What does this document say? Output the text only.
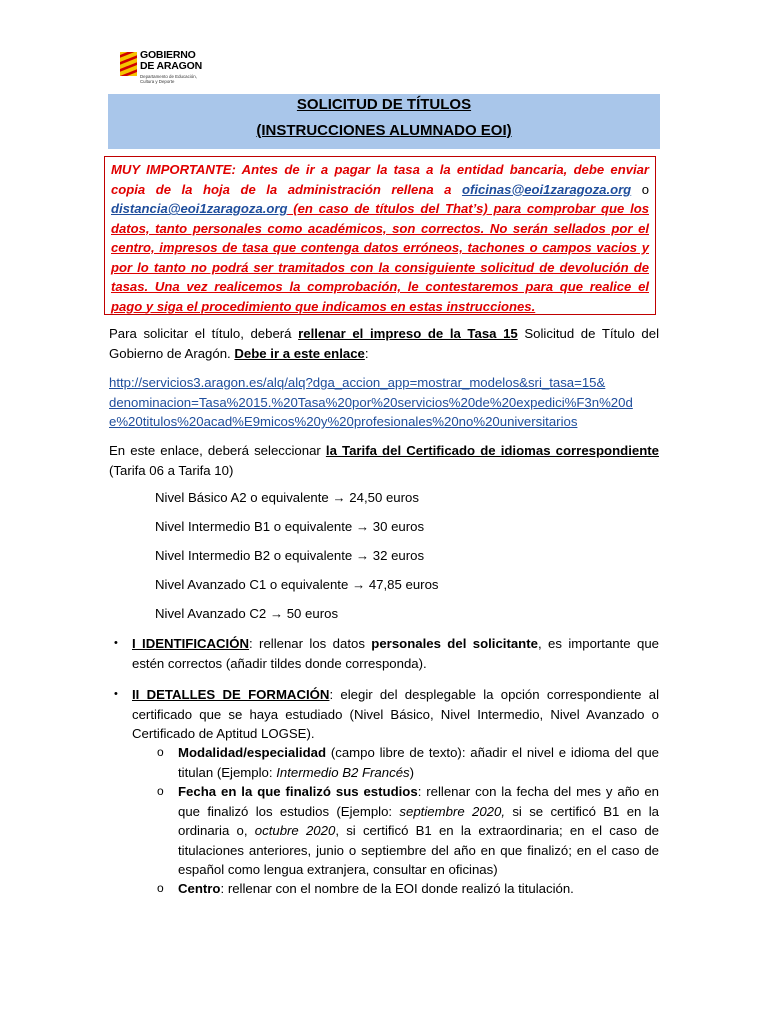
GOBIERNO
DE ARAGON
Departamento de Educación,
Cultura y Deporte
SOLICITUD DE TÍTULOS
(INSTRUCCIONES ALUMNADO EOI)
MUY IMPORTANTE: Antes de ir a pagar la tasa a la entidad bancaria, debe enviar copia de la hoja de la administración rellena a oficinas@eoi1zaragoza.org o distancia@eoi1zaragoza.org (en caso de títulos del That’s) para comprobar que los datos, tanto personales como académicos, son correctos. No serán sellados por el centro, impresos de tasa que contenga datos erróneos, tachones o campos vacios y por lo tanto no podrá ser tramitados con la consiguiente solicitud de devolución de tasas. Una vez realicemos la comprobación, le contestaremos para que realice el pago y siga el procedimiento que indicamos en estas instrucciones.
Para solicitar el título, deberá rellenar el impreso de la Tasa 15 Solicitud de Título del Gobierno de Aragón. Debe ir a este enlace:
http://servicios3.aragon.es/alq/alq?dga_accion_app=mostrar_modelos&sri_tasa=15&
denominacion=Tasa%2015.%20Tasa%20por%20servicios%20de%20expedici%F3n%20d
e%20titulos%20acad%E9micos%20y%20profesionales%20no%20universitarios
En este enlace, deberá seleccionar la Tarifa del Certificado de idiomas correspondiente (Tarifa 06 a Tarifa 10)
Nivel Básico A2 o equivalente → 24,50 euros
Nivel Intermedio B1 o equivalente → 30 euros
Nivel Intermedio B2 o equivalente → 32 euros
Nivel Avanzado C1 o equivalente → 47,85 euros
Nivel Avanzado C2 → 50 euros
• I IDENTIFICACIÓN: rellenar los datos personales del solicitante, es importante que estén correctos (añadir tildes donde corresponda).
• II DETALLES DE FORMACIÓN: elegir del desplegable la opción correspondiente al certificado que se haya estudiado (Nivel Básico, Nivel Intermedio, Nivel Avanzado o Certificado de Aptitud LOGSE).
o Modalidad/especialidad (campo libre de texto): añadir el nivel e idioma del que titulan (Ejemplo: Intermedio B2 Francés)
o Fecha en la que finalizó sus estudios: rellenar con la fecha del mes y año en que finalizó los estudios (Ejemplo: septiembre 2020, si se certificó B1 en la ordinaria o, octubre 2020, si certificó B1 en la extraordinaria; en el caso de titulaciones anteriores, junio o septiembre del año en que finalizó; en el caso de español como lengua extranjera, consultar en oficinas)
o Centro: rellenar con el nombre de la EOI donde realizó la titulación.
